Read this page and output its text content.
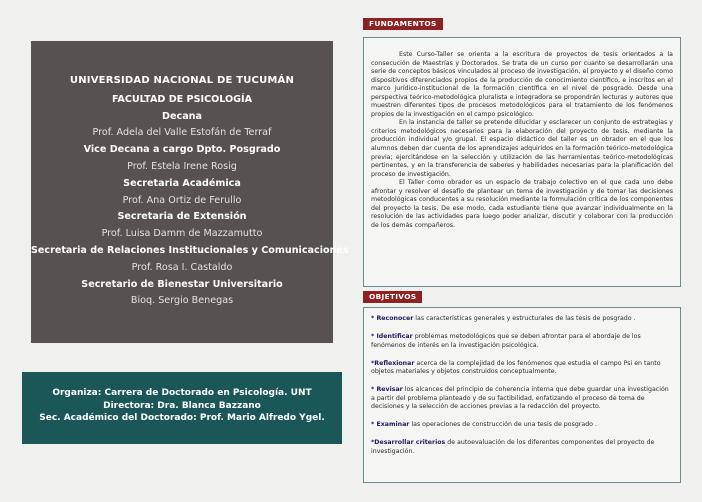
UNIVERSIDAD NACIONAL DE TUCUMÁN
FACULTAD DE PSICOLOGÍA
Decana
Prof. Adela del Valle Estofán de Terraf
Vice Decana a cargo Dpto. Posgrado
Prof. Estela Irene Rosig
Secretaria Académica
Prof. Ana Ortiz de Ferullo
Secretaria de Extensión
Prof. Luisa Damm de Mazzamutto
Secretaria de Relaciones Institucionales y Comunicaciones
Prof. Rosa I. Castaldo
Secretario de Bienestar Universitario
Bioq. Sergio Benegas
Organiza: Carrera de Doctorado en Psicología. UNT
Directora: Dra. Blanca Bazzano
Sec. Académico del Doctorado: Prof. Mario Alfredo Ygel.
FUNDAMENTOS

Este Curso-Taller se orienta a la escritura de proyectos de tesis orientados a la consecución de Maestrías y Doctorados. Se trata de un curso por cuanto se desarrollarán una serie de conceptos básicos vinculados al proceso de investigación, el proyecto y el diseño como dispositivos diferenciados propios de la producción de conocimiento científico, e inscritos en el marco jurídico-institucional de la formación científica en el nivel de posgrado. Desde una perspectiva teórico-metodológica pluralista e integradora se propondrán lecturas y autores que muestren diferentes tipos de procesos metodológicos para el tratamiento de los fenómenos propios de la investigación en el campo psicológico.

En la instancia de taller se pretende dilucidar y esclarecer un conjunto de estrategias y criterios metodológicos necesarios para la elaboración del proyecto de tesis, mediante la producción individual y/o grupal. El espacio didáctico del taller es un obrador en el que los alumnos deben dar cuenta de los aprendizajes adquiridos en la formación teórico-metodológica previa; ejercitándose en la selección y utilización de las herramientas teórico-metodológicas pertinentes, y en la transferencia de saberes y habilidades necesarias para la planificación del proceso de investigación.

El Taller como obrador es un espacio de trabajo colectivo en el que cada uno debe afrontar y resolver el desafío de plantear un tema de investigación y de tomar las decisiones metodológicas conducentes a su resolución mediante la formulación crítica de los componentes del proyecto la tesis. De ese modo, cada estudiante tiene que avanzar individualmente en la resolución de las actividades para luego poder analizar, discutir y colaborar con la producción de los demás compañeros.

OBJETIVOS
* Reconocer las características generales y estructurales de las tesis de posgrado .
* Identificar problemas metodológicos que se deben afrontar para el abordaje de los fenómenos de interés en la investigación psicológica.
*Reflexionar acerca de la complejidad de los fenómenos que estudia el campo Psi en tanto objetos materiales y objetos construidos conceptualmente.
* Revisar los alcances del principio de coherencia interna que debe guardar una investigación a partir del problema planteado y de su factibilidad, enfatizando el proceso de toma de decisiones y la selección de acciones previas a la redacción del proyecto.
* Examinar las operaciones de construcción de una tesis de posgrado .
*Desarrollar criterios de autoevaluación de los diferentes componentes del proyecto de investigación.
